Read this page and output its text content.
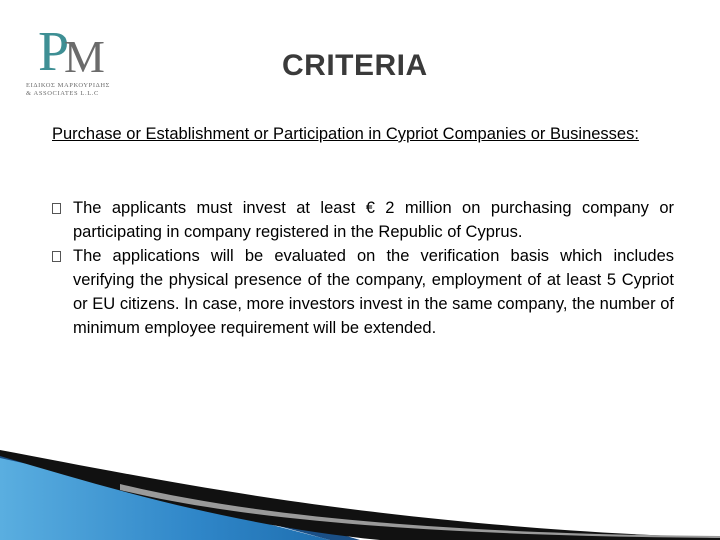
P
M
ΕΙΔΙΚΟΣ ΜΑΡΚΟΥΡΙΔΗΣ
& ASSOCIATES L.L.C
CRITERIA

Purchase or Establishment or Participation in Cypriot Companies or Businesses:

The applicants must invest at least € 2 million on purchasing company or participating in company registered in the Republic of Cyprus.
The applications will be evaluated on the verification basis which includes verifying the physical presence of the company, employment of at least 5 Cypriot or EU citizens. In case, more investors invest in the same company, the number of minimum employee requirement will be extended.
